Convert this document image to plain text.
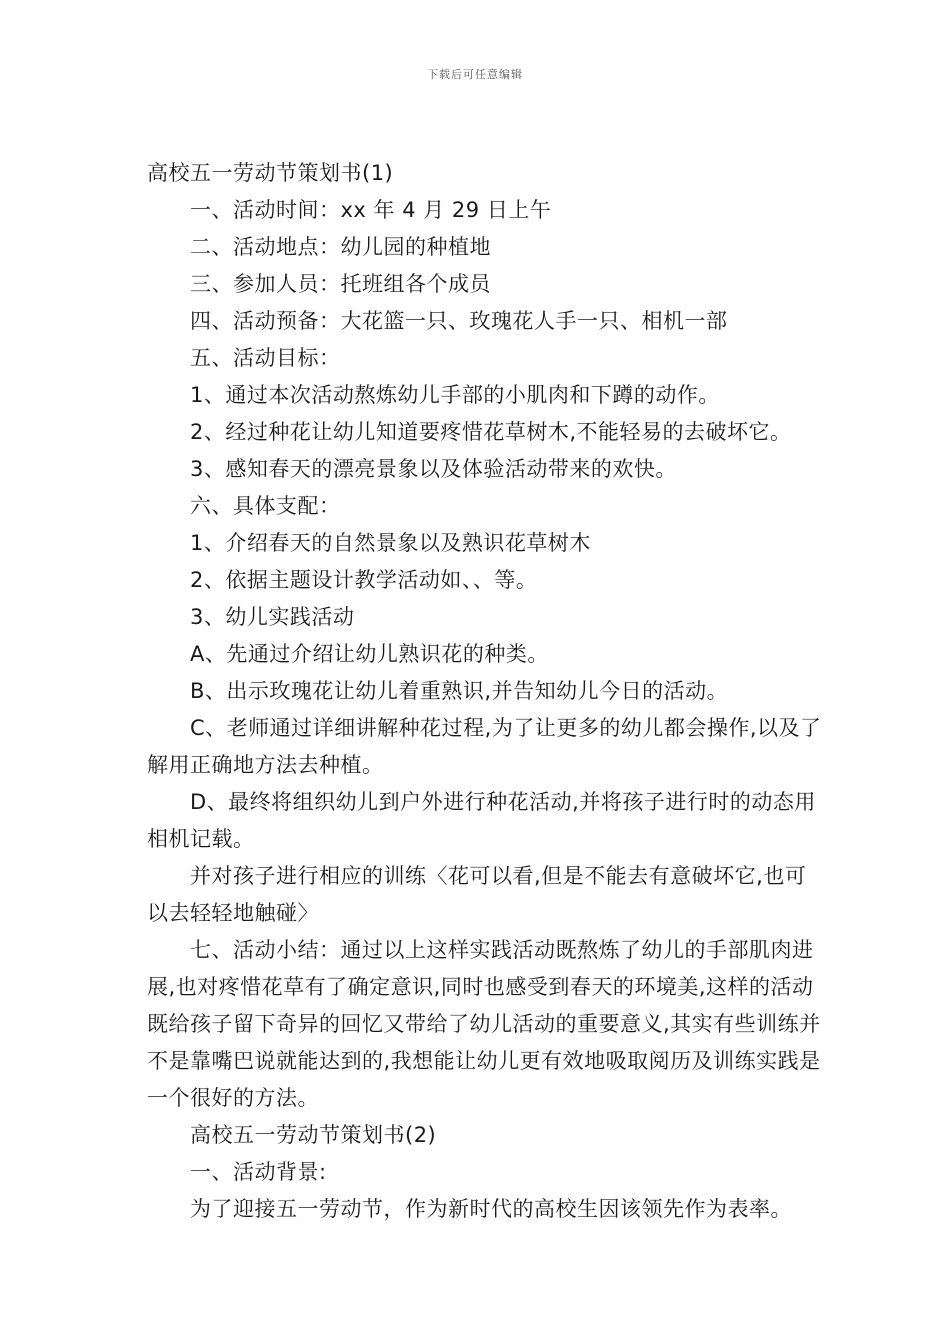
下载后可任意编辑

高校五一劳动节策划书(1)

一、活动时间：xx 年 4 月 29 日上午

二、活动地点：幼儿园的种植地

三、参加人员：托班组各个成员

四、活动预备：大花篮一只、玫瑰花人手一只、相机一部

五、活动目标：

1、通过本次活动熬炼幼儿手部的小肌肉和下蹲的动作。

2、经过种花让幼儿知道要疼惜花草树木,不能轻易的去破坏它。

3、感知春天的漂亮景象以及体验活动带来的欢快。

六、具体支配：

1、介绍春天的自然景象以及熟识花草树木

2、依据主题设计教学活动如、、等。

3、幼儿实践活动

A、先通过介绍让幼儿熟识花的种类。

B、出示玫瑰花让幼儿着重熟识,并告知幼儿今日的活动。

C、老师通过详细讲解种花过程,为了让更多的幼儿都会操作,以及了解用正确地方法去种植。

D、最终将组织幼儿到户外进行种花活动,并将孩子进行时的动态用相机记载。

并对孩子进行相应的训练〈花可以看,但是不能去有意破坏它,也可以去轻轻地触碰〉

七、活动小结：通过以上这样实践活动既熬炼了幼儿的手部肌肉进展,也对疼惜花草有了确定意识,同时也感受到春天的环境美,这样的活动既给孩子留下奇异的回忆又带给了幼儿活动的重要意义,其实有些训练并不是靠嘴巴说就能达到的,我想能让幼儿更有效地吸取阅历及训练实践是一个很好的方法。

高校五一劳动节策划书(2)

一、活动背景:

为了迎接五一劳动节，作为新时代的高校生因该领先作为表率。
